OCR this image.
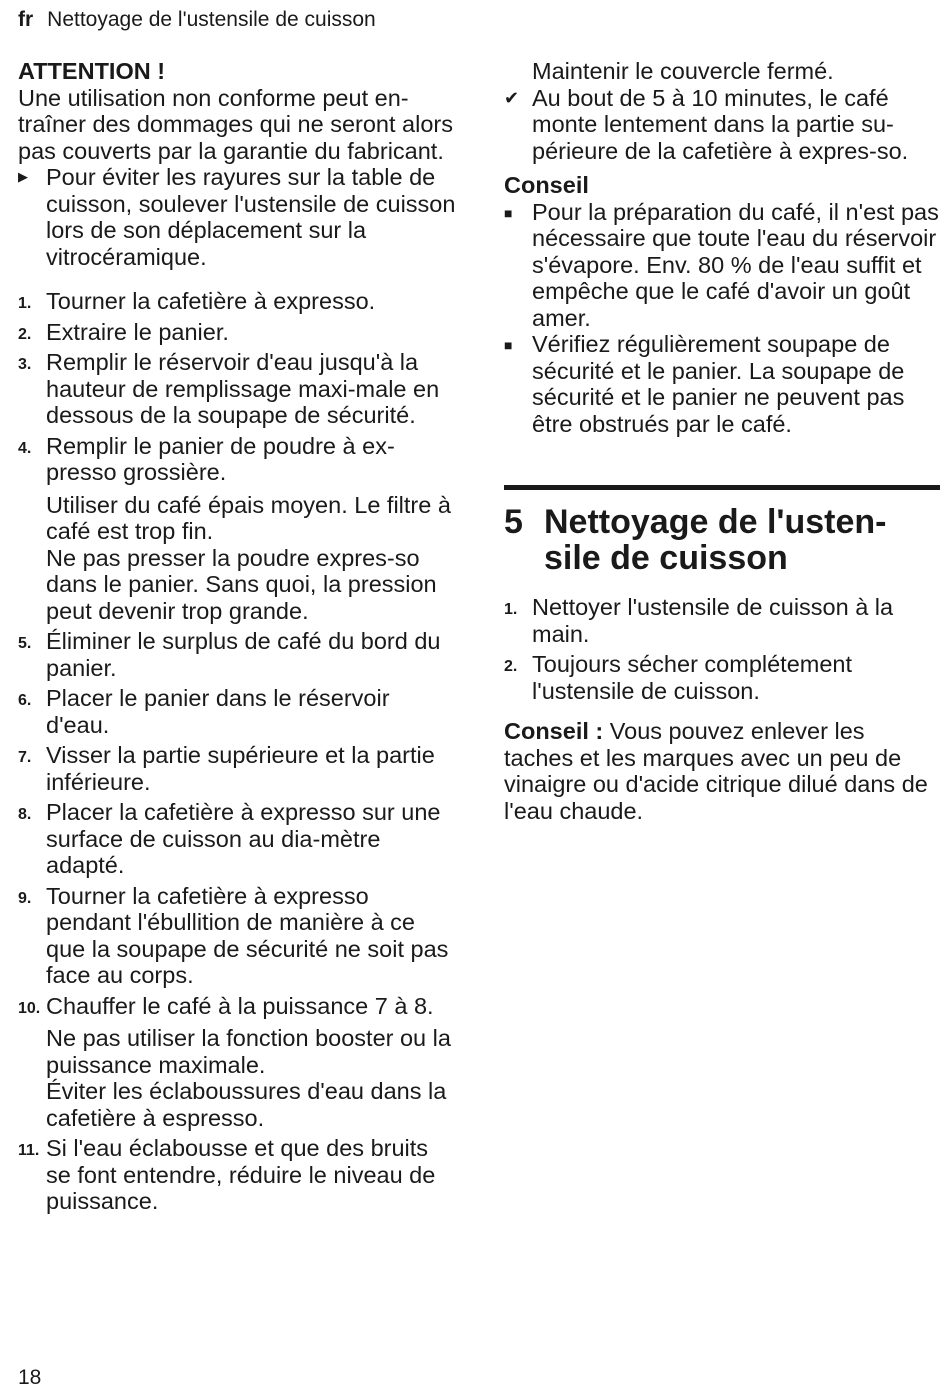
fr Nettoyage de l'ustensile de cuisson

ATTENTION !

Une utilisation non conforme peut en-traîner des dommages qui ne seront alors pas couverts par la garantie du fabricant.

▶ Pour éviter les rayures sur la table de cuisson, soulever l'ustensile de cuisson lors de son déplacement sur la vitrocéramique.
1. Tourner la cafetière à expresso.
2. Extraire le panier.
3. Remplir le réservoir d'eau jusqu'à la hauteur de remplissage maxi-male en dessous de la soupape de sécurité.
4. Remplir le panier de poudre à ex-presso grossière.
Utiliser du café épais moyen. Le filtre à café est trop fin.
Ne pas presser la poudre expres-so dans le panier. Sans quoi, la pression peut devenir trop grande.
5. Éliminer le surplus de café du bord du panier.
6. Placer le panier dans le réservoir d'eau.
7. Visser la partie supérieure et la partie inférieure.
8. Placer la cafetière à expresso sur une surface de cuisson au dia-mètre adapté.
9. Tourner la cafetière à expresso pendant l'ébullition de manière à ce que la soupape de sécurité ne soit pas face au corps.
10. Chauffer le café à la puissance 7 à 8.
Ne pas utiliser la fonction booster ou la puissance maximale.
Éviter les éclaboussures d'eau dans la cafetière à espresso.
11. Si l'eau éclabousse et que des bruits se font entendre, réduire le niveau de puissance.

Maintenir le couvercle fermé.

✔ Au bout de 5 à 10 minutes, le café monte lentement dans la partie su-périeure de la cafetière à expres-so.

Conseil

■ Pour la préparation du café, il n'est pas nécessaire que toute l'eau du réservoir s'évapore. Env. 80 % de l'eau suffit et empêche que le café d'avoir un goût amer.
■ Vérifiez régulièrement soupape de sécurité et le panier. La soupape de sécurité et le panier ne peuvent pas être obstrués par le café.
5 Nettoyage de l'usten-sile de cuisson
1. Nettoyer l'ustensile de cuisson à la main.
2. Toujours sécher complétement l'ustensile de cuisson.

Conseil : Vous pouvez enlever les taches et les marques avec un peu de vinaigre ou d'acide citrique dilué dans de l'eau chaude.

18
